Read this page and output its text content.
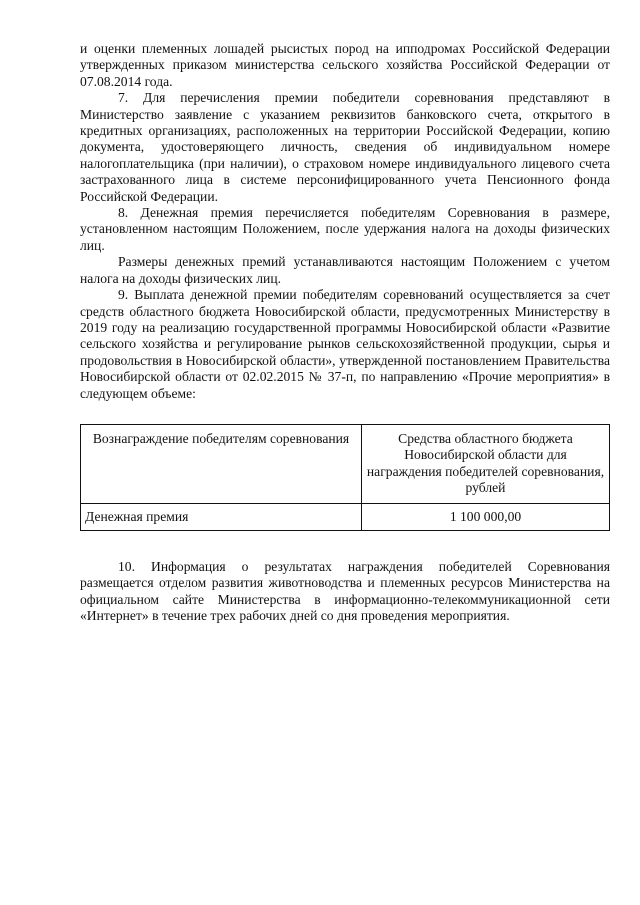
и оценки племенных лошадей рысистых пород на ипподромах Российской Федерации утвержденных приказом министерства сельского хозяйства Российской Федерации от 07.08.2014 года.

7. Для перечисления премии победители соревнования представляют в Министерство заявление с указанием реквизитов банковского счета, открытого в кредитных организациях, расположенных на территории Российской Федерации, копию документа, удостоверяющего личность, сведения об индивидуальном номере налогоплательщика (при наличии), о страховом номере индивидуального лицевого счета застрахованного лица в системе персонифицированного учета Пенсионного фонда Российской Федерации.

8. Денежная премия перечисляется победителям Соревнования в размере, установленном настоящим Положением, после удержания налога на доходы физических лиц.

Размеры денежных премий устанавливаются настоящим Положением с учетом налога на доходы физических лиц.

9. Выплата денежной премии победителям соревнований осуществляется за счет средств областного бюджета Новосибирской области, предусмотренных Министерству в 2019 году на реализацию государственной программы Новосибирской области «Развитие сельского хозяйства и регулирование рынков сельскохозяйственной продукции, сырья и продовольствия в Новосибирской области», утвержденной постановлением Правительства Новосибирской области от 02.02.2015 № 37-п, по направлению «Прочие мероприятия» в следующем объеме:

Вознаграждение победителям соревнования	Средства областного бюджета Новосибирской области для награждения победителей соревнования, рублей
Денежная премия	1 100 000,00

10. Информация о результатах награждения победителей Соревнования размещается отделом развития животноводства и племенных ресурсов Министерства на официальном сайте Министерства в информационно-телекоммуникационной сети «Интернет» в течение трех рабочих дней со дня проведения мероприятия.
